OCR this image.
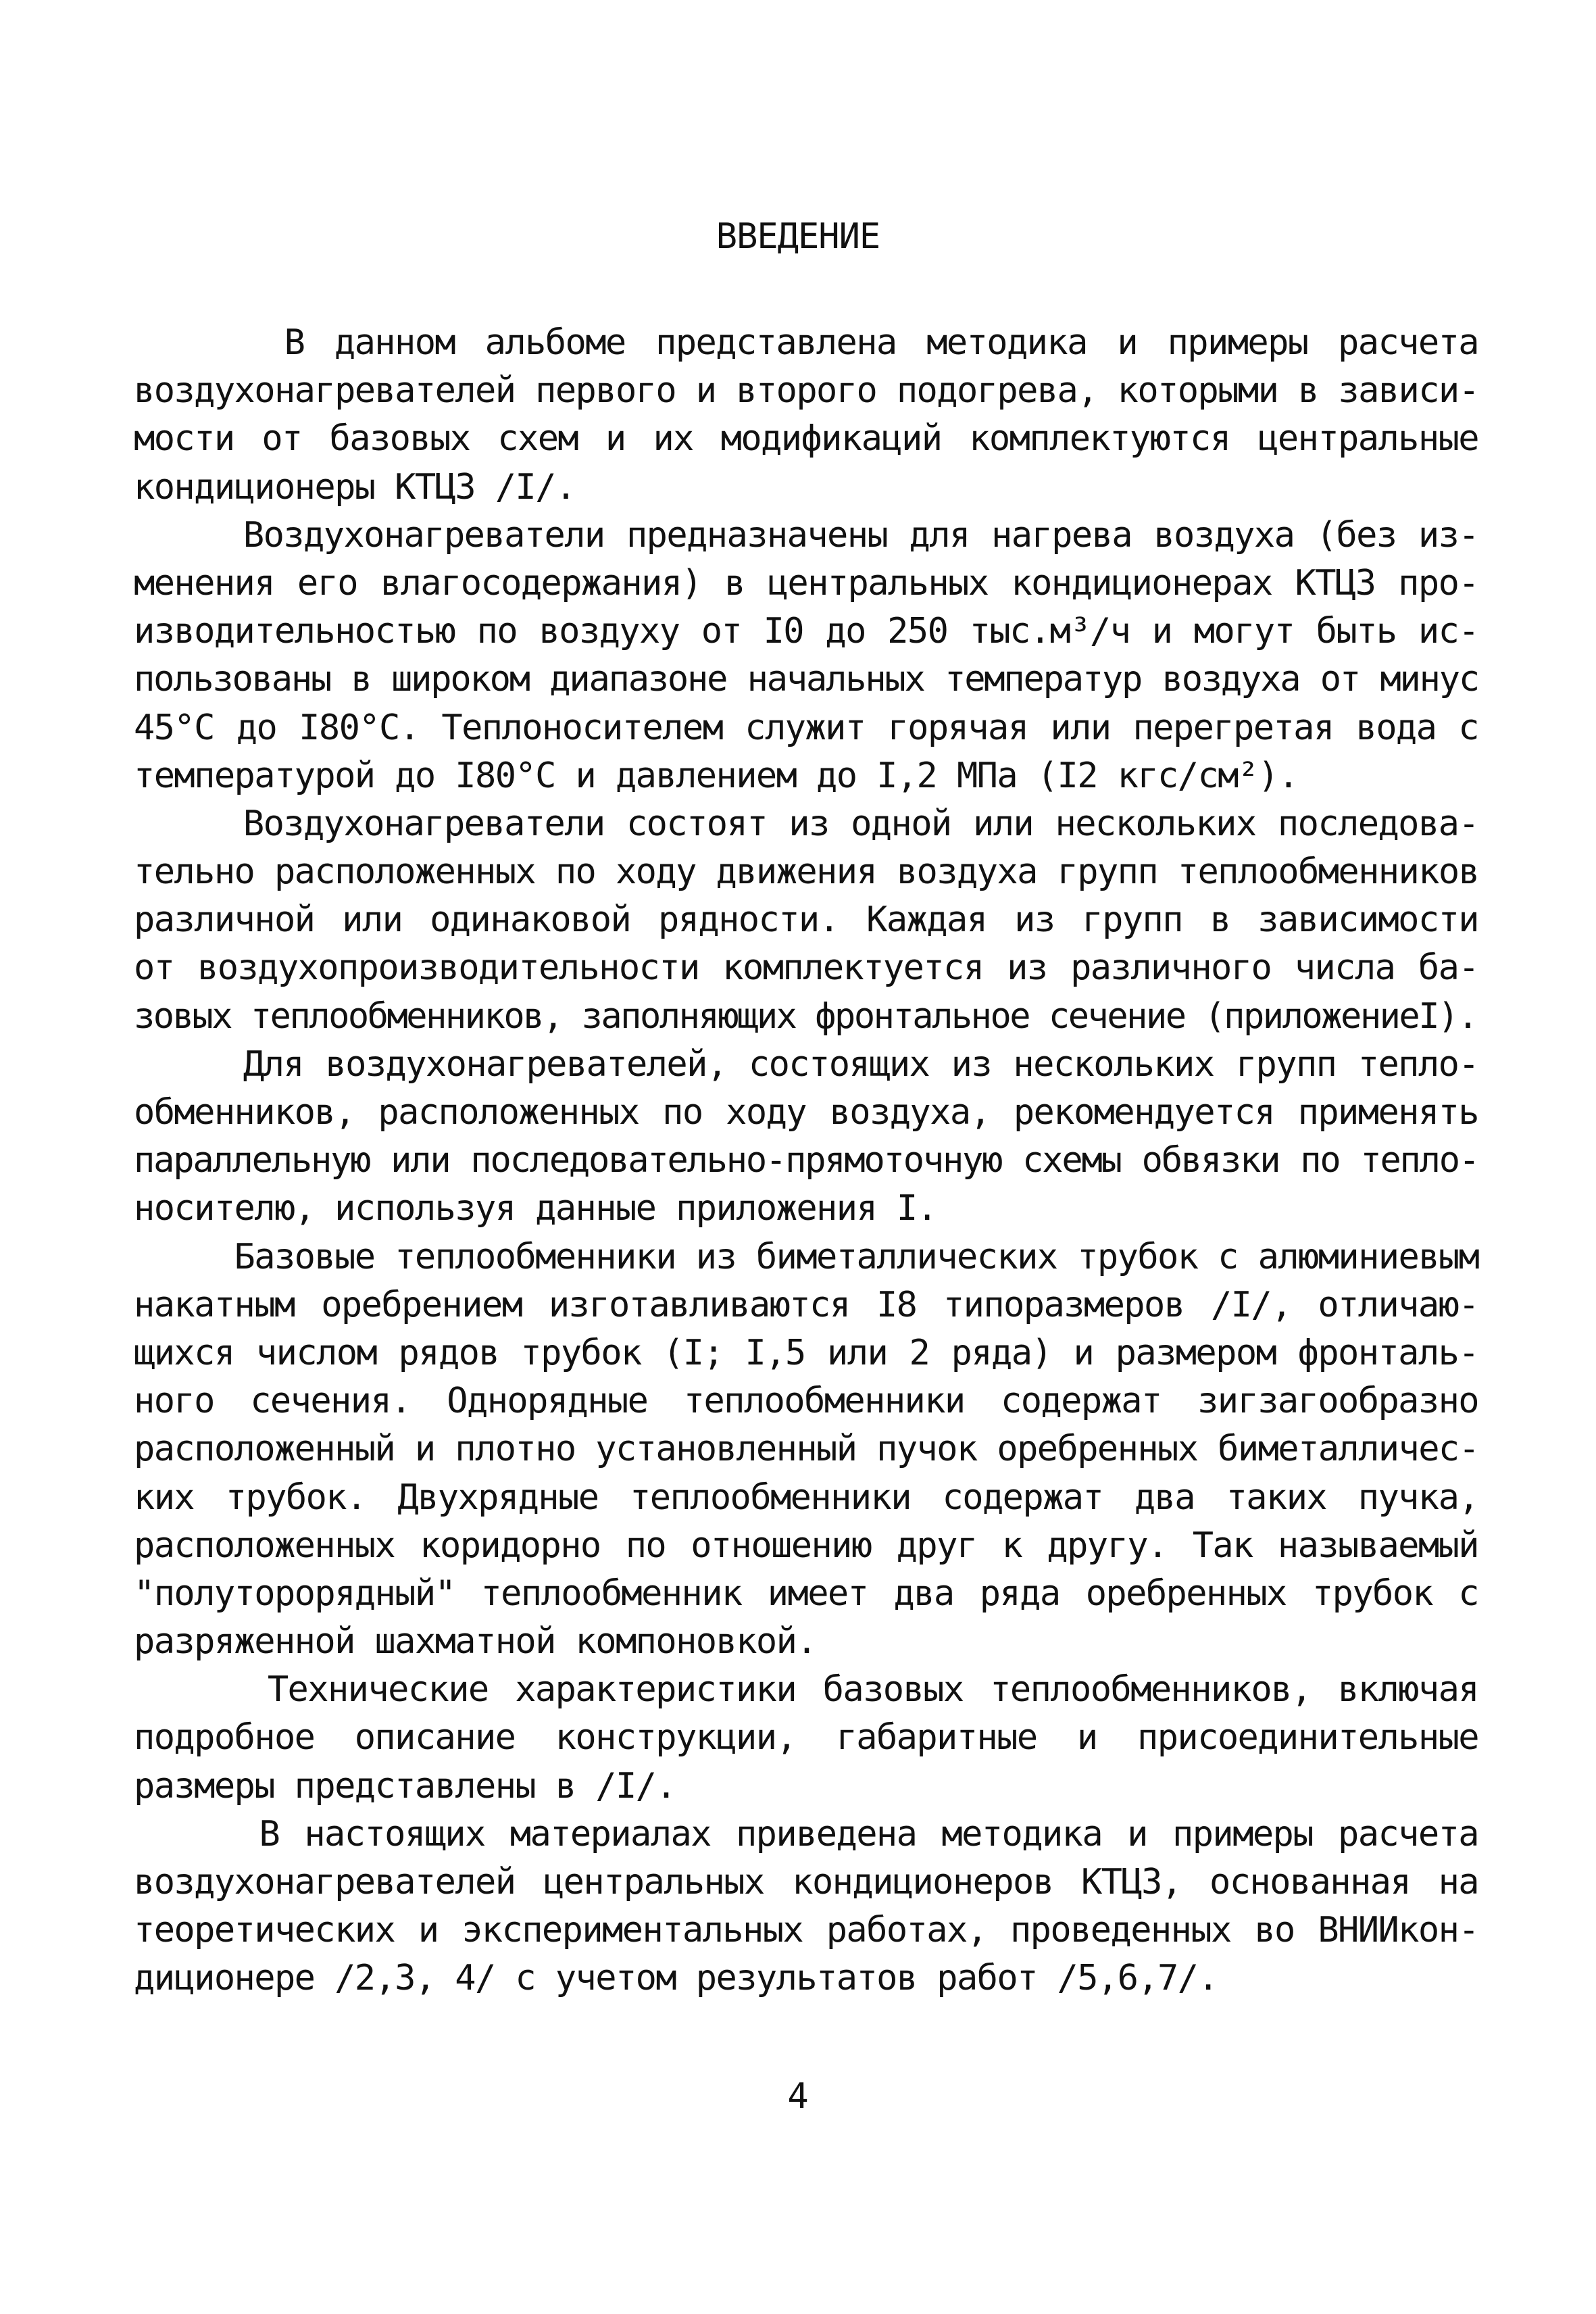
ВВЕДЕНИЕ
В данном альбоме представлена методика и примеры расчета
воздухонагревателей первого и второго подогрева, которыми в зависи-
мости от базовых схем и их модификаций комплектуются центральные
кондиционеры КТЦЗ /I/.
Воздухонагреватели предназначены для нагрева воздуха (без из-
менения его влагосодержания) в центральных кондиционерах КТЦЗ про-
изводительностью по воздуху от I0 до 250 тыс.м³/ч и могут быть ис-
пользованы в широком диапазоне начальных температур воздуха от минус
45°С до I80°С. Теплоносителем служит горячая или перегретая вода с
температурой до I80°С и давлением до I,2 МПа (I2 кгс/см²).
Воздухонагреватели состоят из одной или нескольких последова-
тельно расположенных по ходу движения воздуха групп теплообменников
различной или одинаковой рядности. Каждая из групп в зависимости
от воздухопроизводительности комплектуется из различного числа ба-
зовых теплообменников, заполняющих фронтальное сечение (приложениеI).
Для воздухонагревателей, состоящих из нескольких групп тепло-
обменников, расположенных по ходу воздуха, рекомендуется применять
параллельную или последовательно-прямоточную схемы обвязки по тепло-
носителю, используя данные приложения I.
Базовые теплообменники из биметаллических трубок с алюминиевым
накатным оребрением изготавливаются I8 типоразмеров /I/, отличаю-
щихся числом рядов трубок (I; I,5 или 2 ряда) и размером фронталь-
ного сечения. Однорядные теплообменники содержат зигзагообразно
расположенный и плотно установленный пучок оребренных биметалличес-
ких трубок. Двухрядные теплообменники содержат два таких пучка,
расположенных коридорно по отношению друг к другу. Так называемый
"полуторорядный" теплообменник имеет два ряда оребренных трубок с
разряженной шахматной компоновкой.
Технические характеристики базовых теплообменников, включая
подробное описание конструкции, габаритные и присоединительные
размеры представлены в /I/.
В настоящих материалах приведена методика и примеры расчета
воздухонагревателей центральных кондиционеров КТЦЗ, основанная на
теоретических и экспериментальных работах, проведенных во ВНИИкон-
диционере /2,3, 4/ с учетом результатов работ /5,6,7/.
4
